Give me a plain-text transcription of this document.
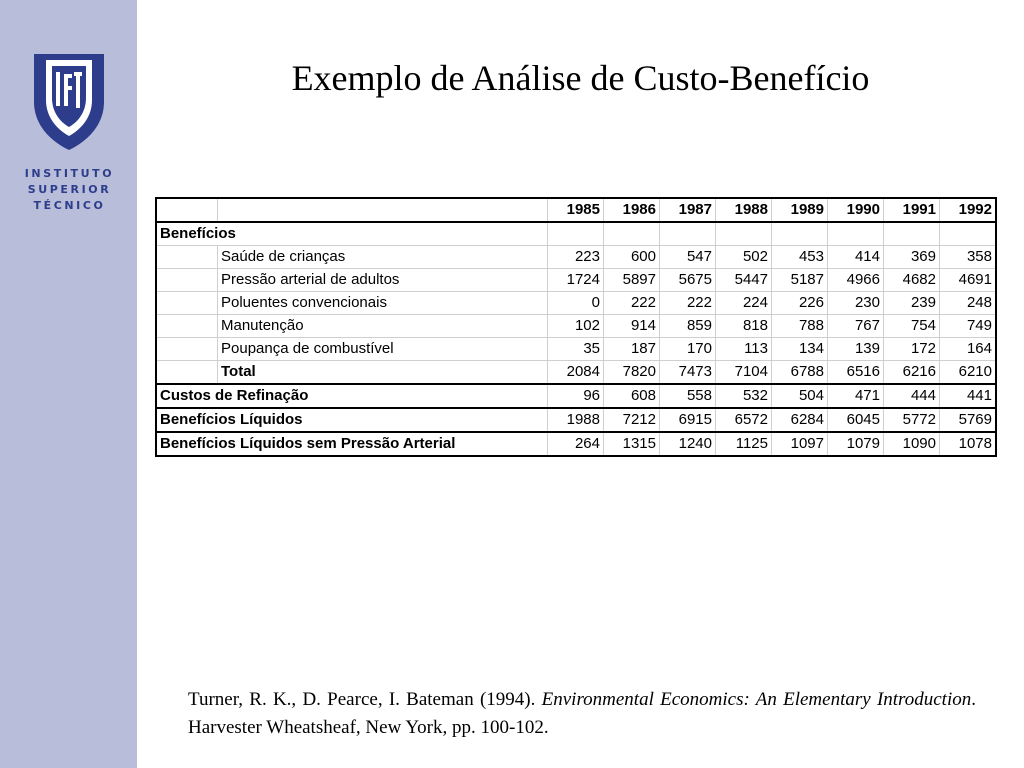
INSTITUTO
SUPERIOR
TÉCNICO
Exemplo de Análise de Custo-Benefício
		1985	1986	1987	1988	1989	1990	1991	1992
Benefícios									
	Saúde de crianças	223	600	547	502	453	414	369	358
	Pressão arterial de adultos	1724	5897	5675	5447	5187	4966	4682	4691
	Poluentes convencionais	0	222	222	224	226	230	239	248
	Manutenção	102	914	859	818	788	767	754	749
	Poupança de combustível	35	187	170	113	134	139	172	164
	Total	2084	7820	7473	7104	6788	6516	6216	6210
Custos de Refinação		96	608	558	532	504	471	444	441
Benefícios Líquidos		1988	7212	6915	6572	6284	6045	5772	5769
Benefícios Líquidos sem Pressão Arterial		264	1315	1240	1125	1097	1079	1090	1078

Turner, R. K., D. Pearce, I. Bateman (1994). Environmental Economics: An Elementary Introduction. Harvester Wheatsheaf, New York, pp. 100-102.
